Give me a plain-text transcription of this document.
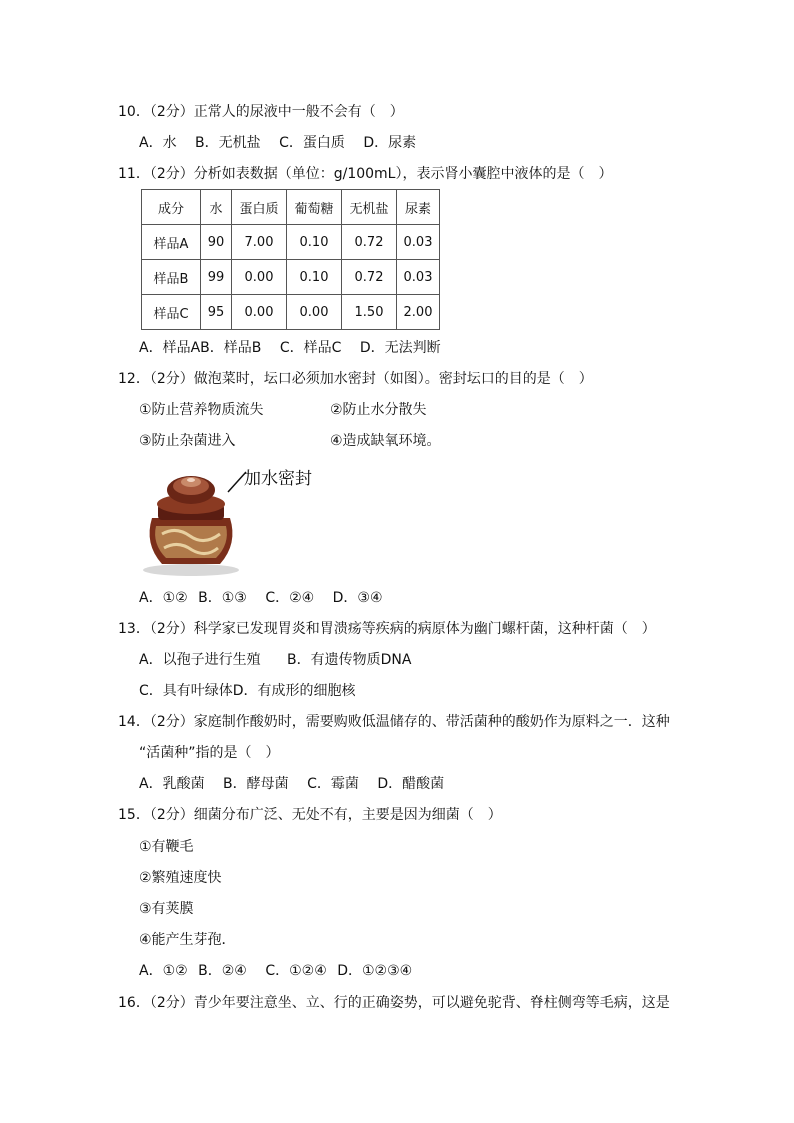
10．（2分）正常人的尿液中一般不会有（　）
A．水 B．无机盐 C．蛋白质 D．尿素
11．（2分）分析如表数据（单位：g/100mL），表示肾小囊腔中液体的是（　）
成分	水	蛋白质	葡萄糖	无机盐	尿素
样品A	90	7.00	0.10	0.72	0.03
样品B	99	0.00	0.10	0.72	0.03
样品C	95	0.00	0.00	1.50	2.00
A．样品AB．样品B C．样品C D．无法判断
12．（2分）做泡菜时，坛口必须加水密封（如图）。密封坛口的目的是（　）
①防止营养物质流失	②防止水分散失
③防止杂菌进入	④造成缺氧环境。
加水密封
A．①② B．①③ C．②④ D．③④
13．（2分）科学家已发现胃炎和胃溃疡等疾病的病原体为幽门螺杆菌，这种杆菌（　）
A．以孢子进行生殖 B．有遗传物质DNA
C．具有叶绿体D．有成形的细胞核
14．（2分）家庭制作酸奶时，需要购败低温储存的、带活菌种的酸奶作为原料之一．这种
“活菌种”指的是（　）
A．乳酸菌 B．酵母菌 C．霉菌 D．醋酸菌
15．（2分）细菌分布广泛、无处不有，主要是因为细菌（　）
①有鞭毛
②繁殖速度快
③有荚膜
④能产生芽孢．
A．①② B．②④ C．①②④ D．①②③④
16．（2分）青少年要注意坐、立、行的正确姿势，可以避免驼背、脊柱侧弯等毛病，这是
